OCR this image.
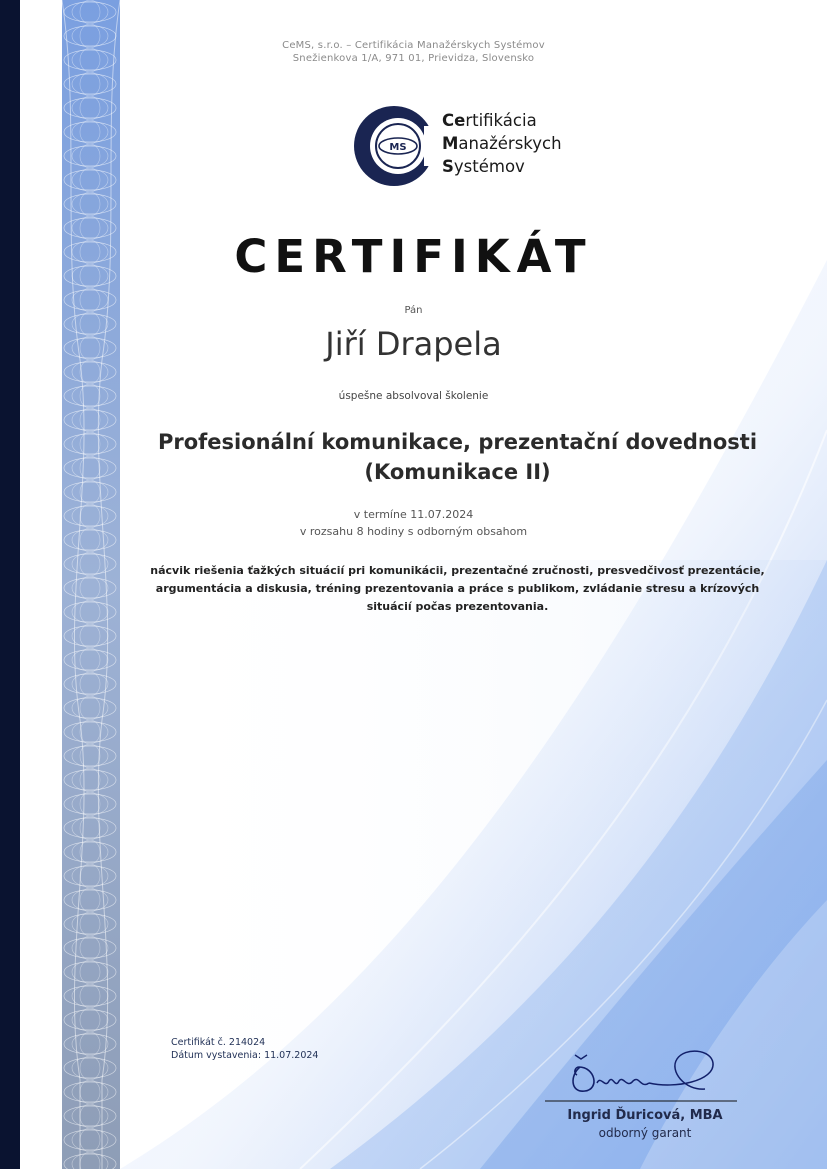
CeMS, s.r.o. – Certifikácia Manažérskych Systémov
Snežienkova 1/A, 971 01, Prievidza, Slovensko
MS
Certifikácia
Manažérskych
Systémov
CERTIFIKÁT
Pán
Jiří Drapela
úspešne absolvoval školenie
Profesionální komunikace, prezentační dovednosti
(Komunikace II)
v termíne 11.07.2024
v rozsahu 8 hodiny s odborným obsahom
nácvik riešenia ťažkých situácií pri komunikácii, prezentačné zručnosti, presvedčivosť prezentácie, argumentácia a diskusia, tréning prezentovania a práce s publikom, zvládanie stresu a krízových situácií počas prezentovania.
Certifikát č. 214024
Dátum vystavenia: 11.07.2024
Ingrid Ďuricová, MBA
odborný garant
